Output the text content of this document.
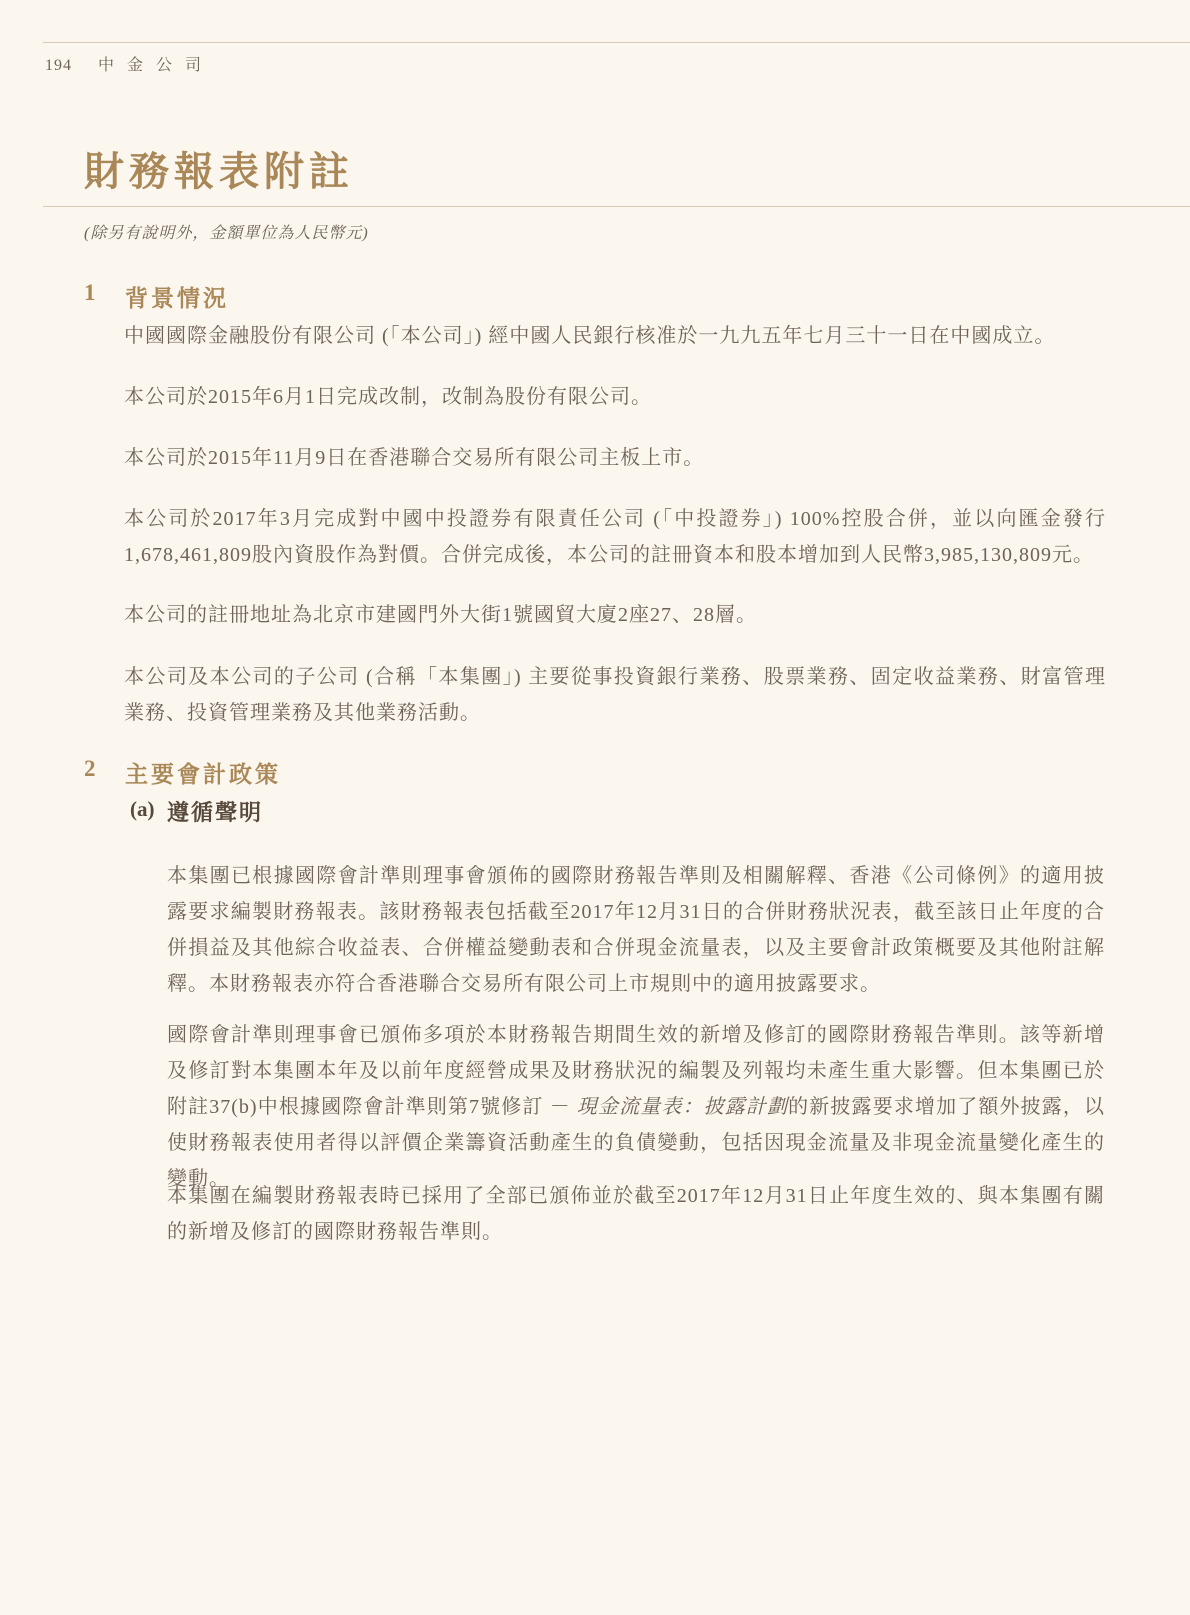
194 中金公司
財務報表附註
(除另有說明外，金額單位為人民幣元)
1 背景情況
中國國際金融股份有限公司 (「本公司」) 經中國人民銀行核准於一九九五年七月三十一日在中國成立。
本公司於2015年6月1日完成改制，改制為股份有限公司。
本公司於2015年11月9日在香港聯合交易所有限公司主板上市。
本公司於2017年3月完成對中國中投證券有限責任公司 (「中投證券」) 100%控股合併，並以向匯金發行1,678,461,809股內資股作為對價。合併完成後，本公司的註冊資本和股本增加到人民幣3,985,130,809元。
本公司的註冊地址為北京市建國門外大街1號國貿大廈2座27、28層。
本公司及本公司的子公司 (合稱「本集團」) 主要從事投資銀行業務、股票業務、固定收益業務、財富管理業務、投資管理業務及其他業務活動。
2 主要會計政策
(a) 遵循聲明
本集團已根據國際會計準則理事會頒佈的國際財務報告準則及相關解釋、香港《公司條例》的適用披露要求編製財務報表。該財務報表包括截至2017年12月31日的合併財務狀況表，截至該日止年度的合併損益及其他綜合收益表、合併權益變動表和合併現金流量表，以及主要會計政策概要及其他附註解釋。本財務報表亦符合香港聯合交易所有限公司上市規則中的適用披露要求。
國際會計準則理事會已頒佈多項於本財務報告期間生效的新增及修訂的國際財務報告準則。該等新增及修訂對本集團本年及以前年度經營成果及財務狀況的編製及列報均未產生重大影響。但本集團已於附註37(b)中根據國際會計準則第7號修訂 － 現金流量表：披露計劃的新披露要求增加了額外披露，以使財務報表使用者得以評價企業籌資活動產生的負債變動，包括因現金流量及非現金流量變化產生的變動。
本集團在編製財務報表時已採用了全部已頒佈並於截至2017年12月31日止年度生效的、與本集團有關的新增及修訂的國際財務報告準則。
